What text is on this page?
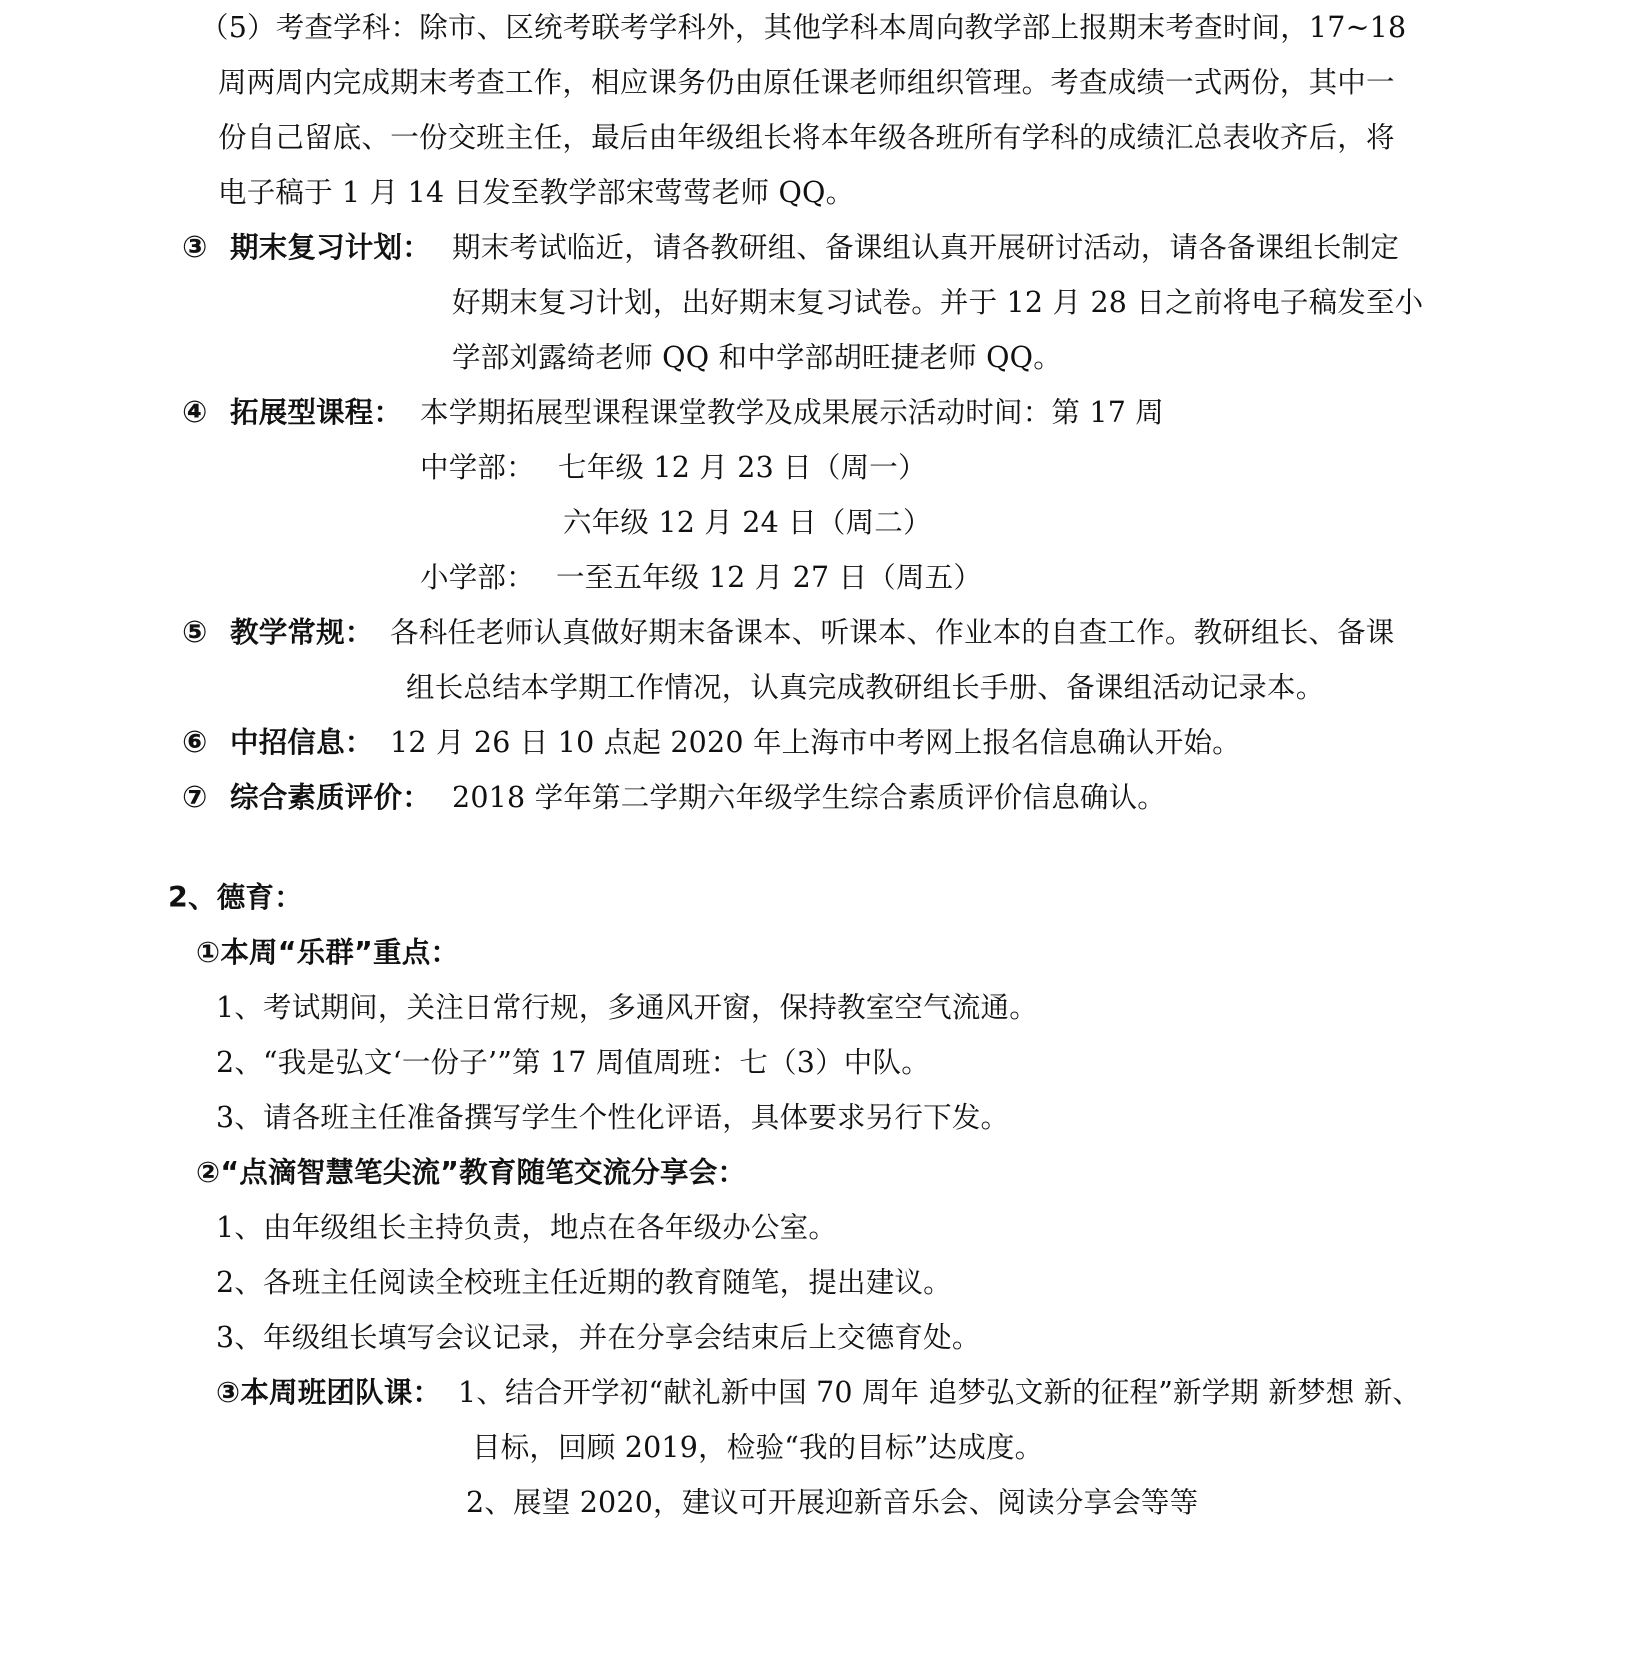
（5）考查学科：除市、区统考联考学科外，其他学科本周向教学部上报期末考查时间，17~18
周两周内完成期末考查工作，相应课务仍由原任课老师组织管理。考查成绩一式两份，其中一
份自己留底、一份交班主任，最后由年级组长将本年级各班所有学科的成绩汇总表收齐后，将
电子稿于 1 月 14 日发至教学部宋莺莺老师 QQ。
③ 期末复习计划： 期末考试临近，请各教研组、备课组认真开展研讨活动，请各备课组长制定
好期末复习计划，出好期末复习试卷。并于 12 月 28 日之前将电子稿发至小
学部刘露绮老师 QQ 和中学部胡旺捷老师 QQ。
④ 拓展型课程： 本学期拓展型课程课堂教学及成果展示活动时间：第 17 周
中学部： 七年级 12 月 23 日（周一）
六年级 12 月 24 日（周二）
小学部： 一至五年级 12 月 27 日（周五）
⑤ 教学常规： 各科任老师认真做好期末备课本、听课本、作业本的自查工作。教研组长、备课
组长总结本学期工作情况，认真完成教研组长手册、备课组活动记录本。
⑥ 中招信息： 12 月 26 日 10 点起 2020 年上海市中考网上报名信息确认开始。
⑦ 综合素质评价： 2018 学年第二学期六年级学生综合素质评价信息确认。
2、德育：
①本周“乐群”重点：
1、考试期间，关注日常行规，多通风开窗，保持教室空气流通。
2、“我是弘文‘一份子’”第 17 周值周班：七（3）中队。
3、请各班主任准备撰写学生个性化评语，具体要求另行下发。
②“点滴智慧笔尖流”教育随笔交流分享会：
1、由年级组长主持负责，地点在各年级办公室。
2、各班主任阅读全校班主任近期的教育随笔，提出建议。
3、年级组长填写会议记录，并在分享会结束后上交德育处。
③本周班团队课： 1、结合开学初“献礼新中国 70 周年 追梦弘文新的征程”新学期 新梦想 新、
目标，回顾 2019，检验“我的目标”达成度。
2、展望 2020，建议可开展迎新音乐会、阅读分享会等等
